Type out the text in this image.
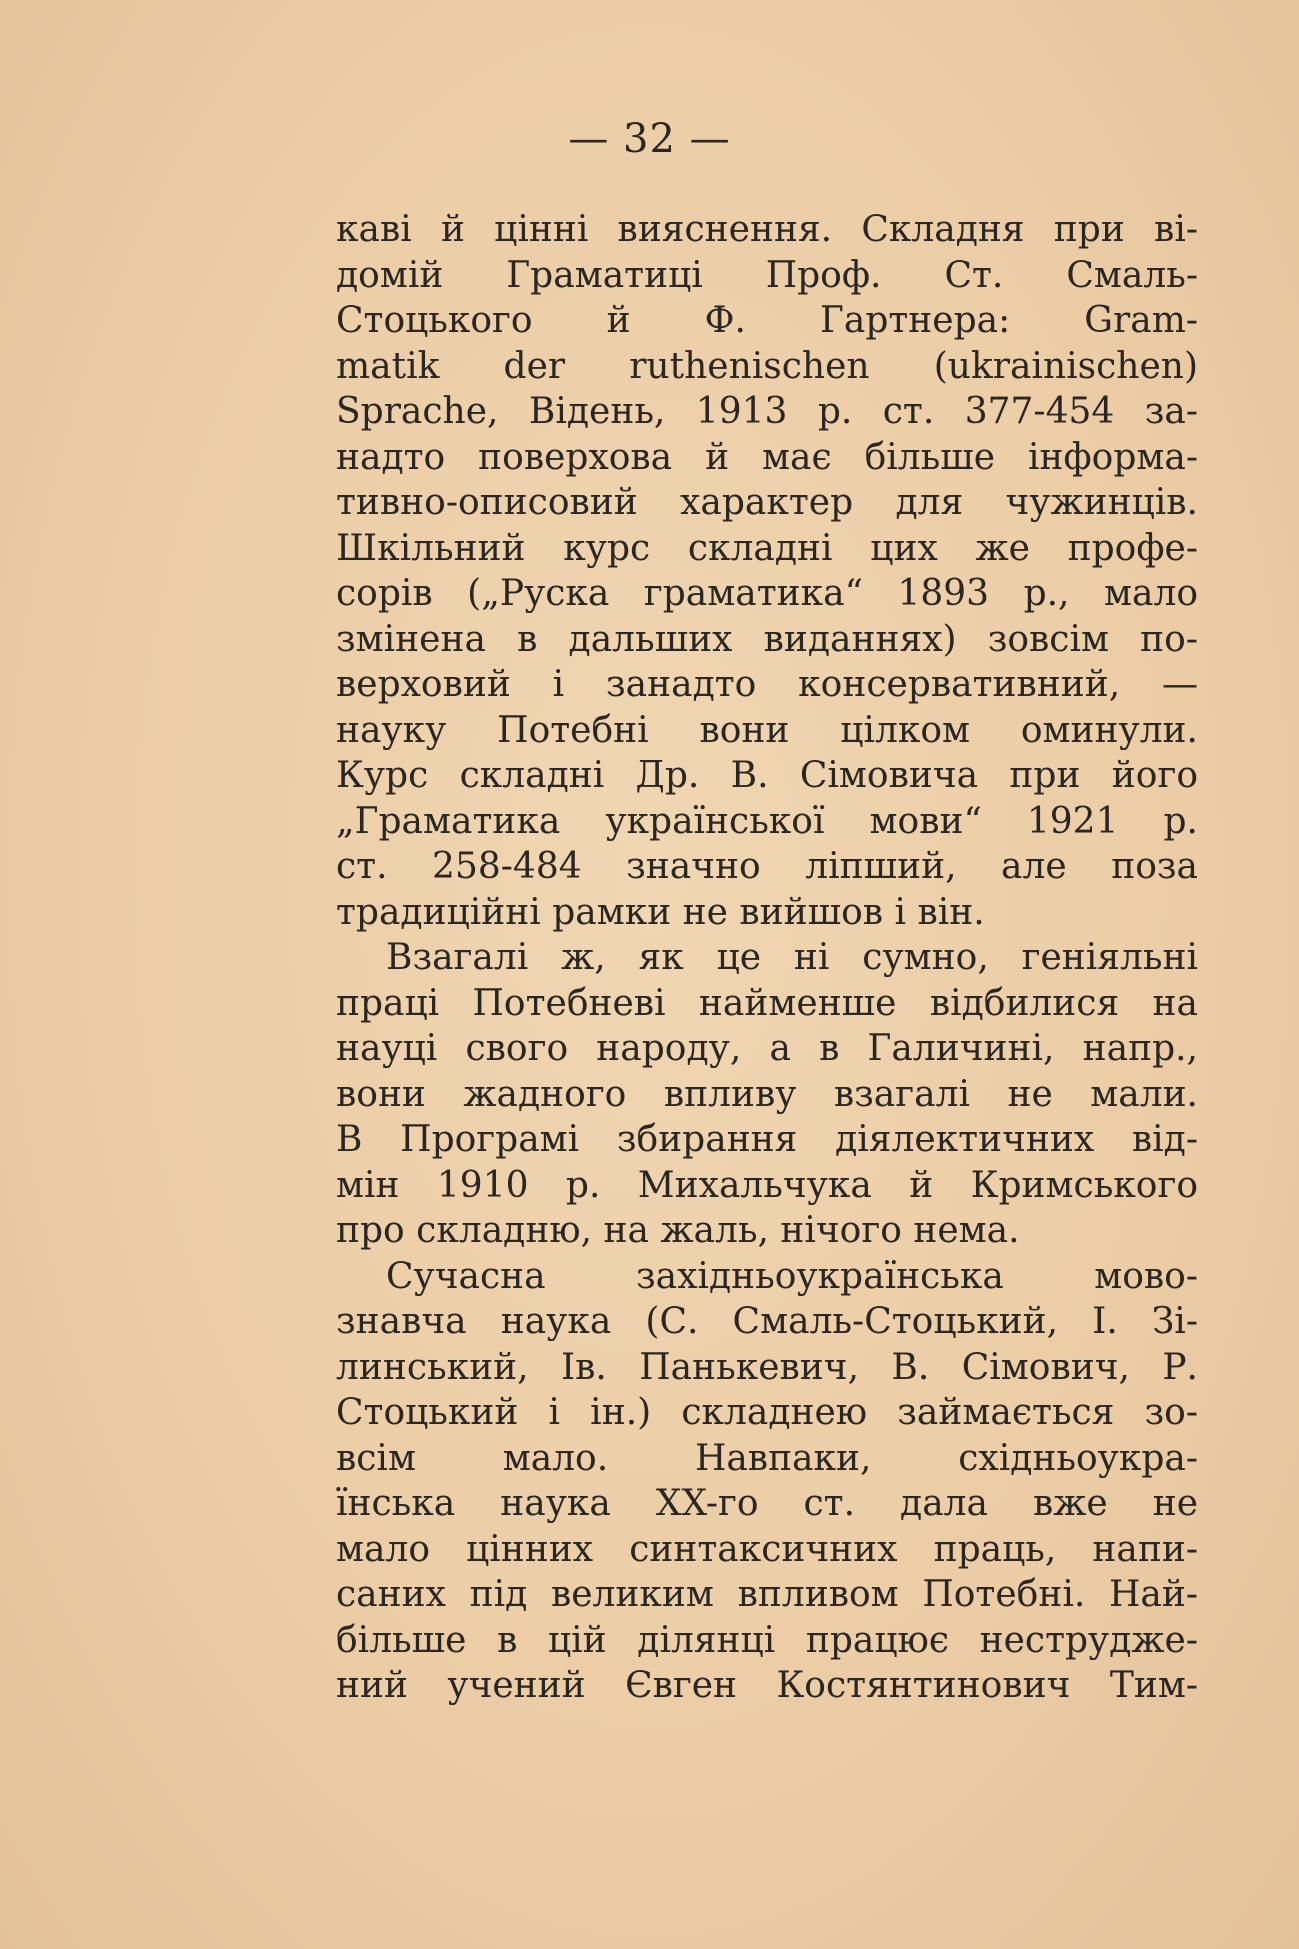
— 32 —
каві й цінні вияснення. Складня при ві-
домій Граматиці Проф. Ст. Смаль-
Стоцького й Ф. Гартнера: Gram-
matik der ruthenischen (ukrainischen)
Sprache, Відень, 1913 р. ст. 377-454 за-
надто поверхова й має більше інформа-
тивно-описовий характер для чужинців.
Шкільний курс складні цих же профе-
сорів („Руска граматика“ 1893 р., мало
змінена в дальших виданнях) зовсім по-
верховий і занадто консервативний, —
науку Потебні вони цілком оминули.
Курс складні Др. В. Сімовича при його
„Граматика української мови“ 1921 р.
ст. 258-484 значно ліпший, але поза
традиційні рамки не вийшов і він.
Взагалі ж, як це ні сумно, геніяльні
праці Потебневі найменше відбилися на
науці свого народу, а в Галичині, напр.,
вони жадного впливу взагалі не мали.
В Програмі збирання діялектичних від-
мін 1910 р. Михальчука й Кримського
про складню, на жаль, нічого нема.
Сучасна західньоукраїнська мово-
знавча наука (С. Смаль-Стоцький, І. Зі-
линський, Ів. Панькевич, В. Сімович, Р.
Стоцький і ін.) складнею займається зо-
всім мало. Навпаки, східньоукра-
їнська наука XX-го ст. дала вже не
мало цінних синтаксичних праць, напи-
саних під великим впливом Потебні. Най-
більше в цій ділянці працює неструдже-
ний учений Євген Костянтинович Тим-
